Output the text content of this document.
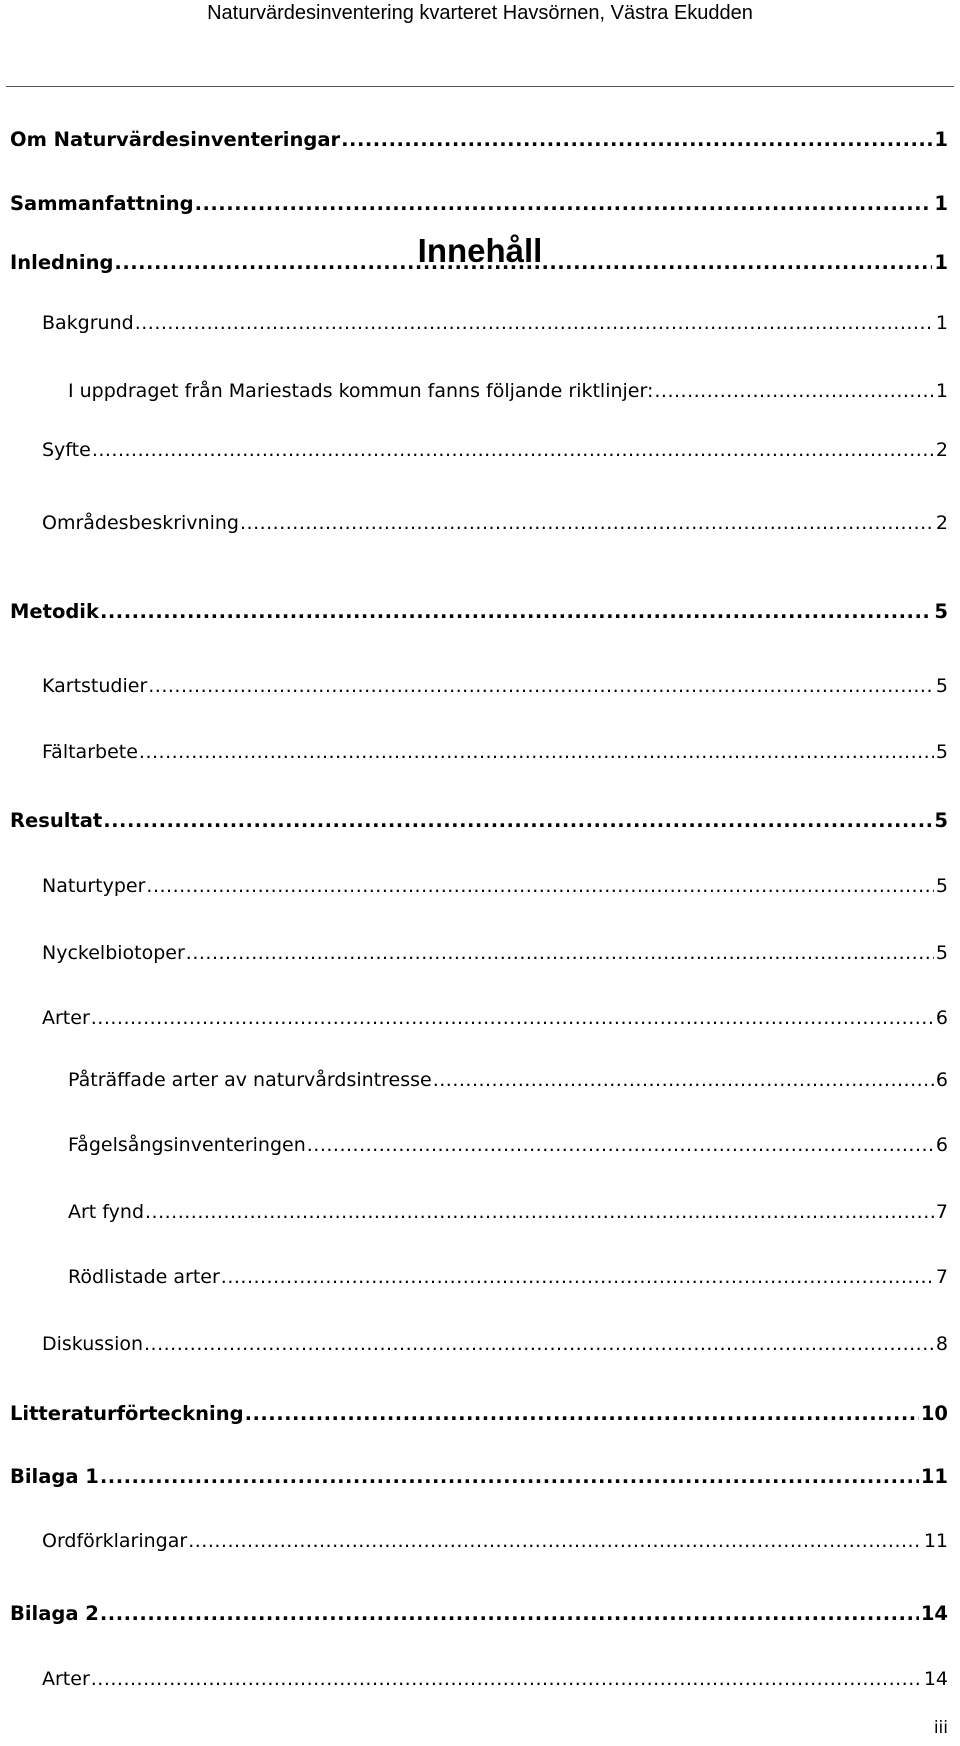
Naturvärdesinventering kvarteret Havsörnen, Västra Ekudden
Innehåll
Om Naturvärdesinventeringar .....	1
Sammanfattning .....	1
Inledning .....	1
Bakgrund .....	1
I uppdraget från Mariestads kommun fanns följande riktlinjer: .....	1
Syfte .....	2
Områdesbeskrivning .....	2
Metodik .....	5
Kartstudier .....	5
Fältarbete .....	5
Resultat .....	5
Naturtyper .....	5
Nyckelbiotoper .....	5
Arter .....	6
Påträffade arter av naturvårdsintresse .....	6
Fågelsångsinventeringen .....	6
Art fynd .....	7
Rödlistade arter .....	7
Diskussion .....	8
Litteraturförteckning .....	10
Bilaga 1 .....	11
Ordförklaringar .....	11
Bilaga 2 .....	14
Arter .....	14
iii
